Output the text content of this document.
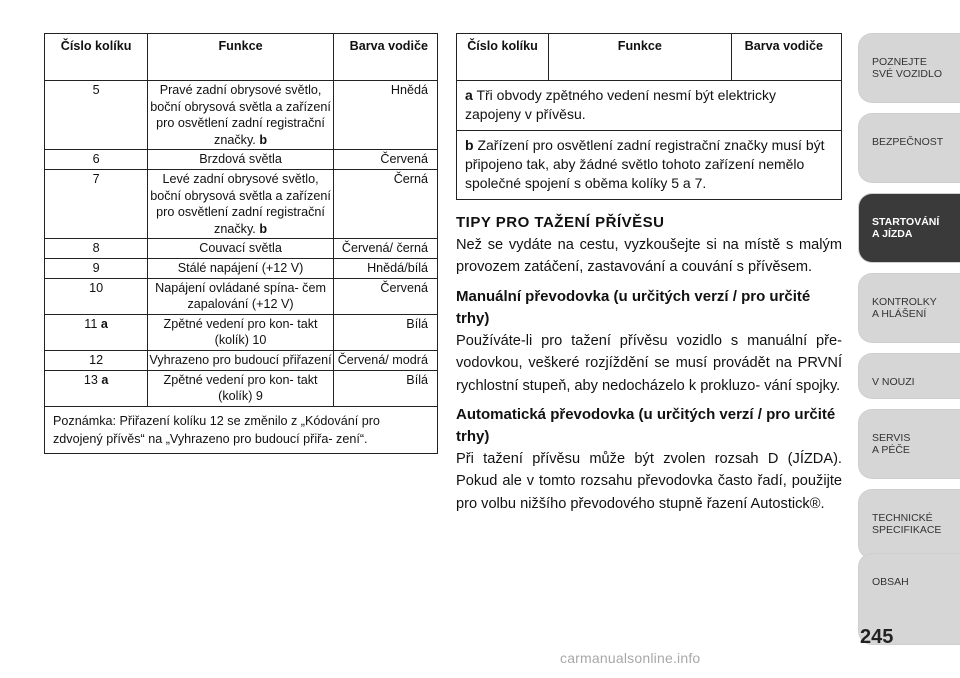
Číslo kolíku	Funkce	Barva vodiče
5	Pravé zadní obrysové světlo, boční obrysová světla a zařízení pro osvětlení zadní registrační značky. b	Hnědá
6	Brzdová světla	Červená
7	Levé zadní obrysové světlo, boční obrysová světla a zařízení pro osvětlení zadní registrační značky. b	Černá
8	Couvací světla	Červená/ černá
9	Stálé napájení (+12 V)	Hnědá/bílá
10	Napájení ovládané spína- čem zapalování (+12 V)	Červená
11 a	Zpětné vedení pro kon- takt (kolík) 10	Bílá
12	Vyhrazeno pro budoucí přiřazení	Červená/ modrá
13 a	Zpětné vedení pro kon- takt (kolík) 9	Bílá
Poznámka: Přiřazení kolíku 12 se změnilo z „Kódování pro zdvojený přívěs“ na „Vyhrazeno pro budoucí přiřa- zení“.		
Číslo kolíku	Funkce	Barva vodiče
a Tři obvody zpětného vedení nesmí být elektricky zapojeny v přívěsu.
b Zařízení pro osvětlení zadní registrační značky musí být připojeno tak, aby žádné světlo tohoto zařízení nemělo společné spojení s oběma kolíky 5 a 7.
TIPY PRO TAŽENÍ PŘÍVĚSU

Než se vydáte na cestu, vyzkoušejte si na místě s malým provozem zatáčení, zastavování a couvání s přívěsem.

Manuální převodovka (u určitých verzí / pro určité trhy)

Používáte-li pro tažení přívěsu vozidlo s manuální pře- vodovkou, veškeré rozjíždění se musí provádět na PRVNÍ rychlostní stupeň, aby nedocházelo k prokluzo- vání spojky.

Automatická převodovka (u určitých verzí / pro určité trhy)

Při tažení přívěsu může být zvolen rozsah D (JÍZDA). Pokud ale v tomto rozsahu převodovka často řadí, použijte pro volbu nižšího převodového stupně řazení Autostick®.

POZNEJTE
SVÉ VOZIDLO
BEZPEČNOST
STARTOVÁNÍ
A JÍZDA
KONTROLKY
A HLÁŠENÍ
V NOUZI
SERVIS
A PÉČE
TECHNICKÉ
SPECIFIKACE
OBSAH
245
carmanualsonline.info
